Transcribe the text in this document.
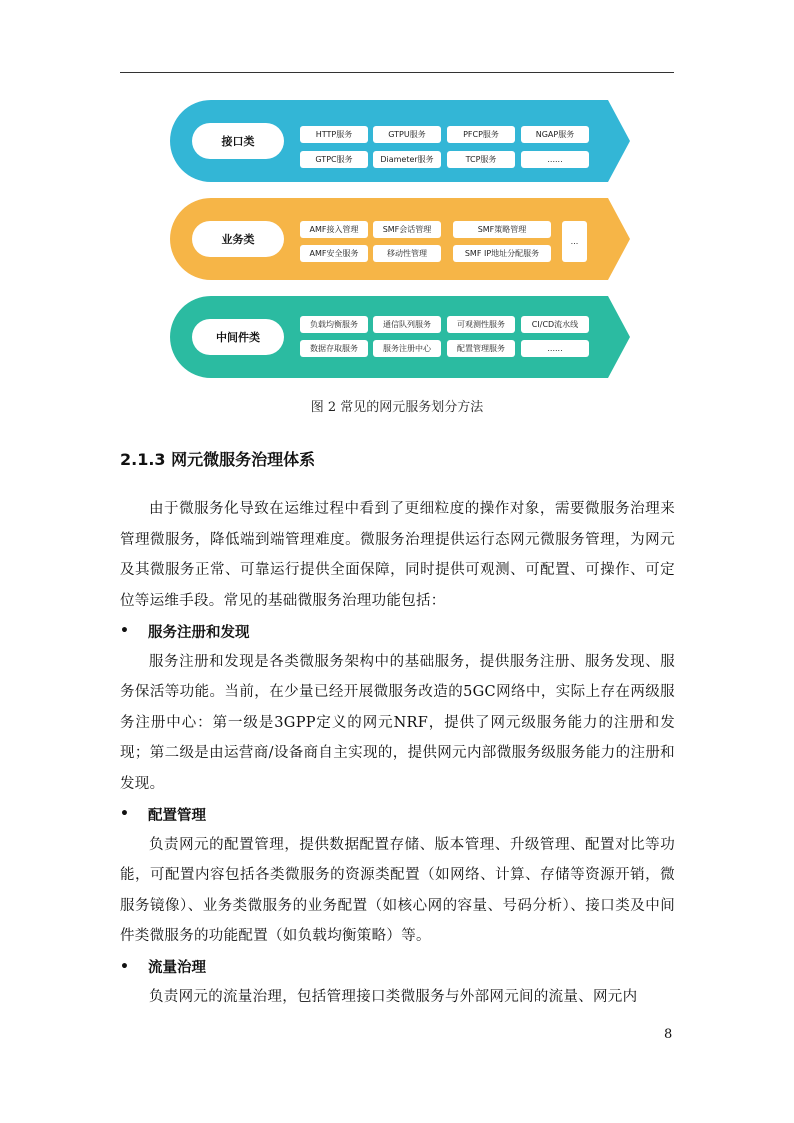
接口类
HTTP服务	GTPU服务	PFCP服务	NGAP服务
GTPC服务	Diameter服务	TCP服务	......
业务类
AMF接入管理	SMF会话管理	SMF策略管理
AMF安全服务	移动性管理	SMF IP地址分配服务
...
中间件类
负载均衡服务	通信队列服务	可观测性服务	CI/CD流水线
数据存取服务	服务注册中心	配置管理服务	......
图 2 常见的网元服务划分方法
2.1.3 网元微服务治理体系

由于微服务化导致在运维过程中看到了更细粒度的操作对象，需要微服务治理来管理微服务，降低端到端管理难度。微服务治理提供运行态网元微服务管理，为网元及其微服务正常、可靠运行提供全面保障，同时提供可观测、可配置、可操作、可定位等运维手段。常见的基础微服务治理功能包括：

•	服务注册和发现

服务注册和发现是各类微服务架构中的基础服务，提供服务注册、服务发现、服务保活等功能。当前，在少量已经开展微服务改造的5GC网络中，实际上存在两级服务注册中心：第一级是3GPP定义的网元NRF，提供了网元级服务能力的注册和发现；第二级是由运营商/设备商自主实现的，提供网元内部微服务级服务能力的注册和发现。

•	配置管理

负责网元的配置管理，提供数据配置存储、版本管理、升级管理、配置对比等功能，可配置内容包括各类微服务的资源类配置（如网络、计算、存储等资源开销，微服务镜像）、业务类微服务的业务配置（如核心网的容量、号码分析）、接口类及中间件类微服务的功能配置（如负载均衡策略）等。

•	流量治理

负责网元的流量治理，包括管理接口类微服务与外部网元间的流量、网元内

8
